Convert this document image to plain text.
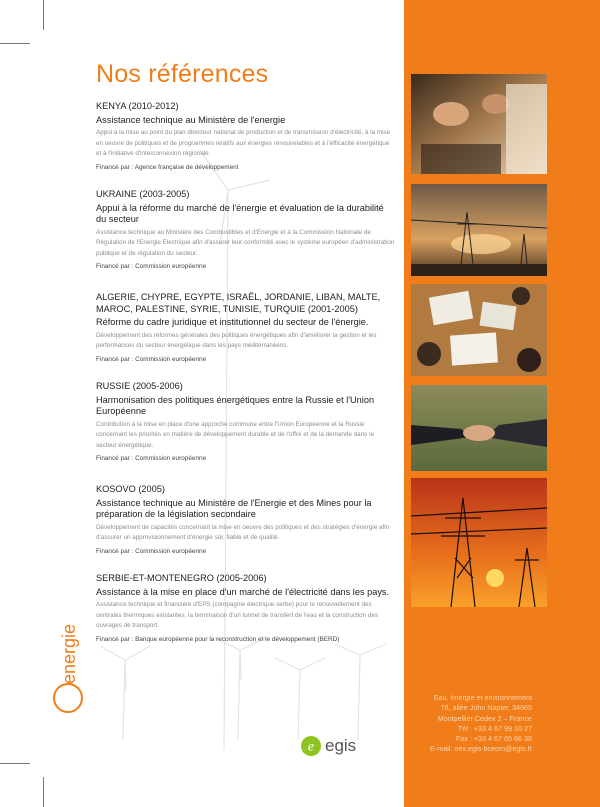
Nos références
KENYA (2010-2012)
Assistance technique au Ministère de l'energie
Appui à la mise au point du plan directeur national de production et de transmission d'électricité, à la mise en oeuvre de politiques et de programmes relatifs aux énergies renouvelables et à l'efficacité énergétique et à l'initiative d'interconnexion régionale.
Financé par : Agence française de développement
UKRAINE (2003-2005)
Appui à la réforme du marché de l'énergie et évaluation de la durabilité du secteur
Assistance technique au Ministère des Combustibles et d'Energie et à la Commission Nationale de Régulation de l'Energie Electrique afin d'assurer leur conformité avec le système européen d'administration publique et de régulation du secteur.
Financé par : Commission européenne
ALGERIE, CHYPRE, EGYPTE, ISRAËL, JORDANIE, LIBAN, MALTE, MAROC, PALESTINE, SYRIE, TUNISIE, TURQUIE (2001-2005)
Réforme du cadre juridique et institutionnel du secteur de l'énergie.
Développement des réformes générales des politiques énergétiques afin d'améliorer la gestion et les performances du secteur énergétique dans les pays méditerranéens.
Financé par : Commission européenne
RUSSIE (2005-2006)
Harmonisation des politiques énergétiques entre la Russie et l'Union Européenne
Contribution à la mise en place d'une approche commune entre l'Union Européenne et la Russie concernant les priorités en matière de développement durable et de l'offre et de la demande dans le secteur énergétique.
Financé par : Commission européenne
KOSOVO (2005)
Assistance technique au Ministère de l'Energie et des Mines pour la préparation de la législation secondaire
Développement de capacités concernant la mise en oeuvre des politiques et des stratégies d'énergie afin d'assurer un approvisionnement d'énergie sûr, fiable et de qualité.
Financé par : Commission européenne
SERBIE-ET-MONTENEGRO (2005-2006)
Assistance à la mise en place d'un marché de l'électricité dans les pays.
Assistance technique et financière d'EPS (compagnie électrique serbe) pour le renouvellement des centrales thermiques existantes; la terminaison d'un tunnel de transfert de l'eau et la construction des ouvrages de transport.
Financé par : Banque européenne pour la reconstruction et le développement (BERD)
energie
Eau, énergie et environnement
78, allée John Napier, 34965
Montpellier Cedex 2 – France
Tél : +33 4 67 99 10 27
Fax : +33 4 67 65 66 38
E-mail: oex.egis-bceom@egis.fr
e egis
